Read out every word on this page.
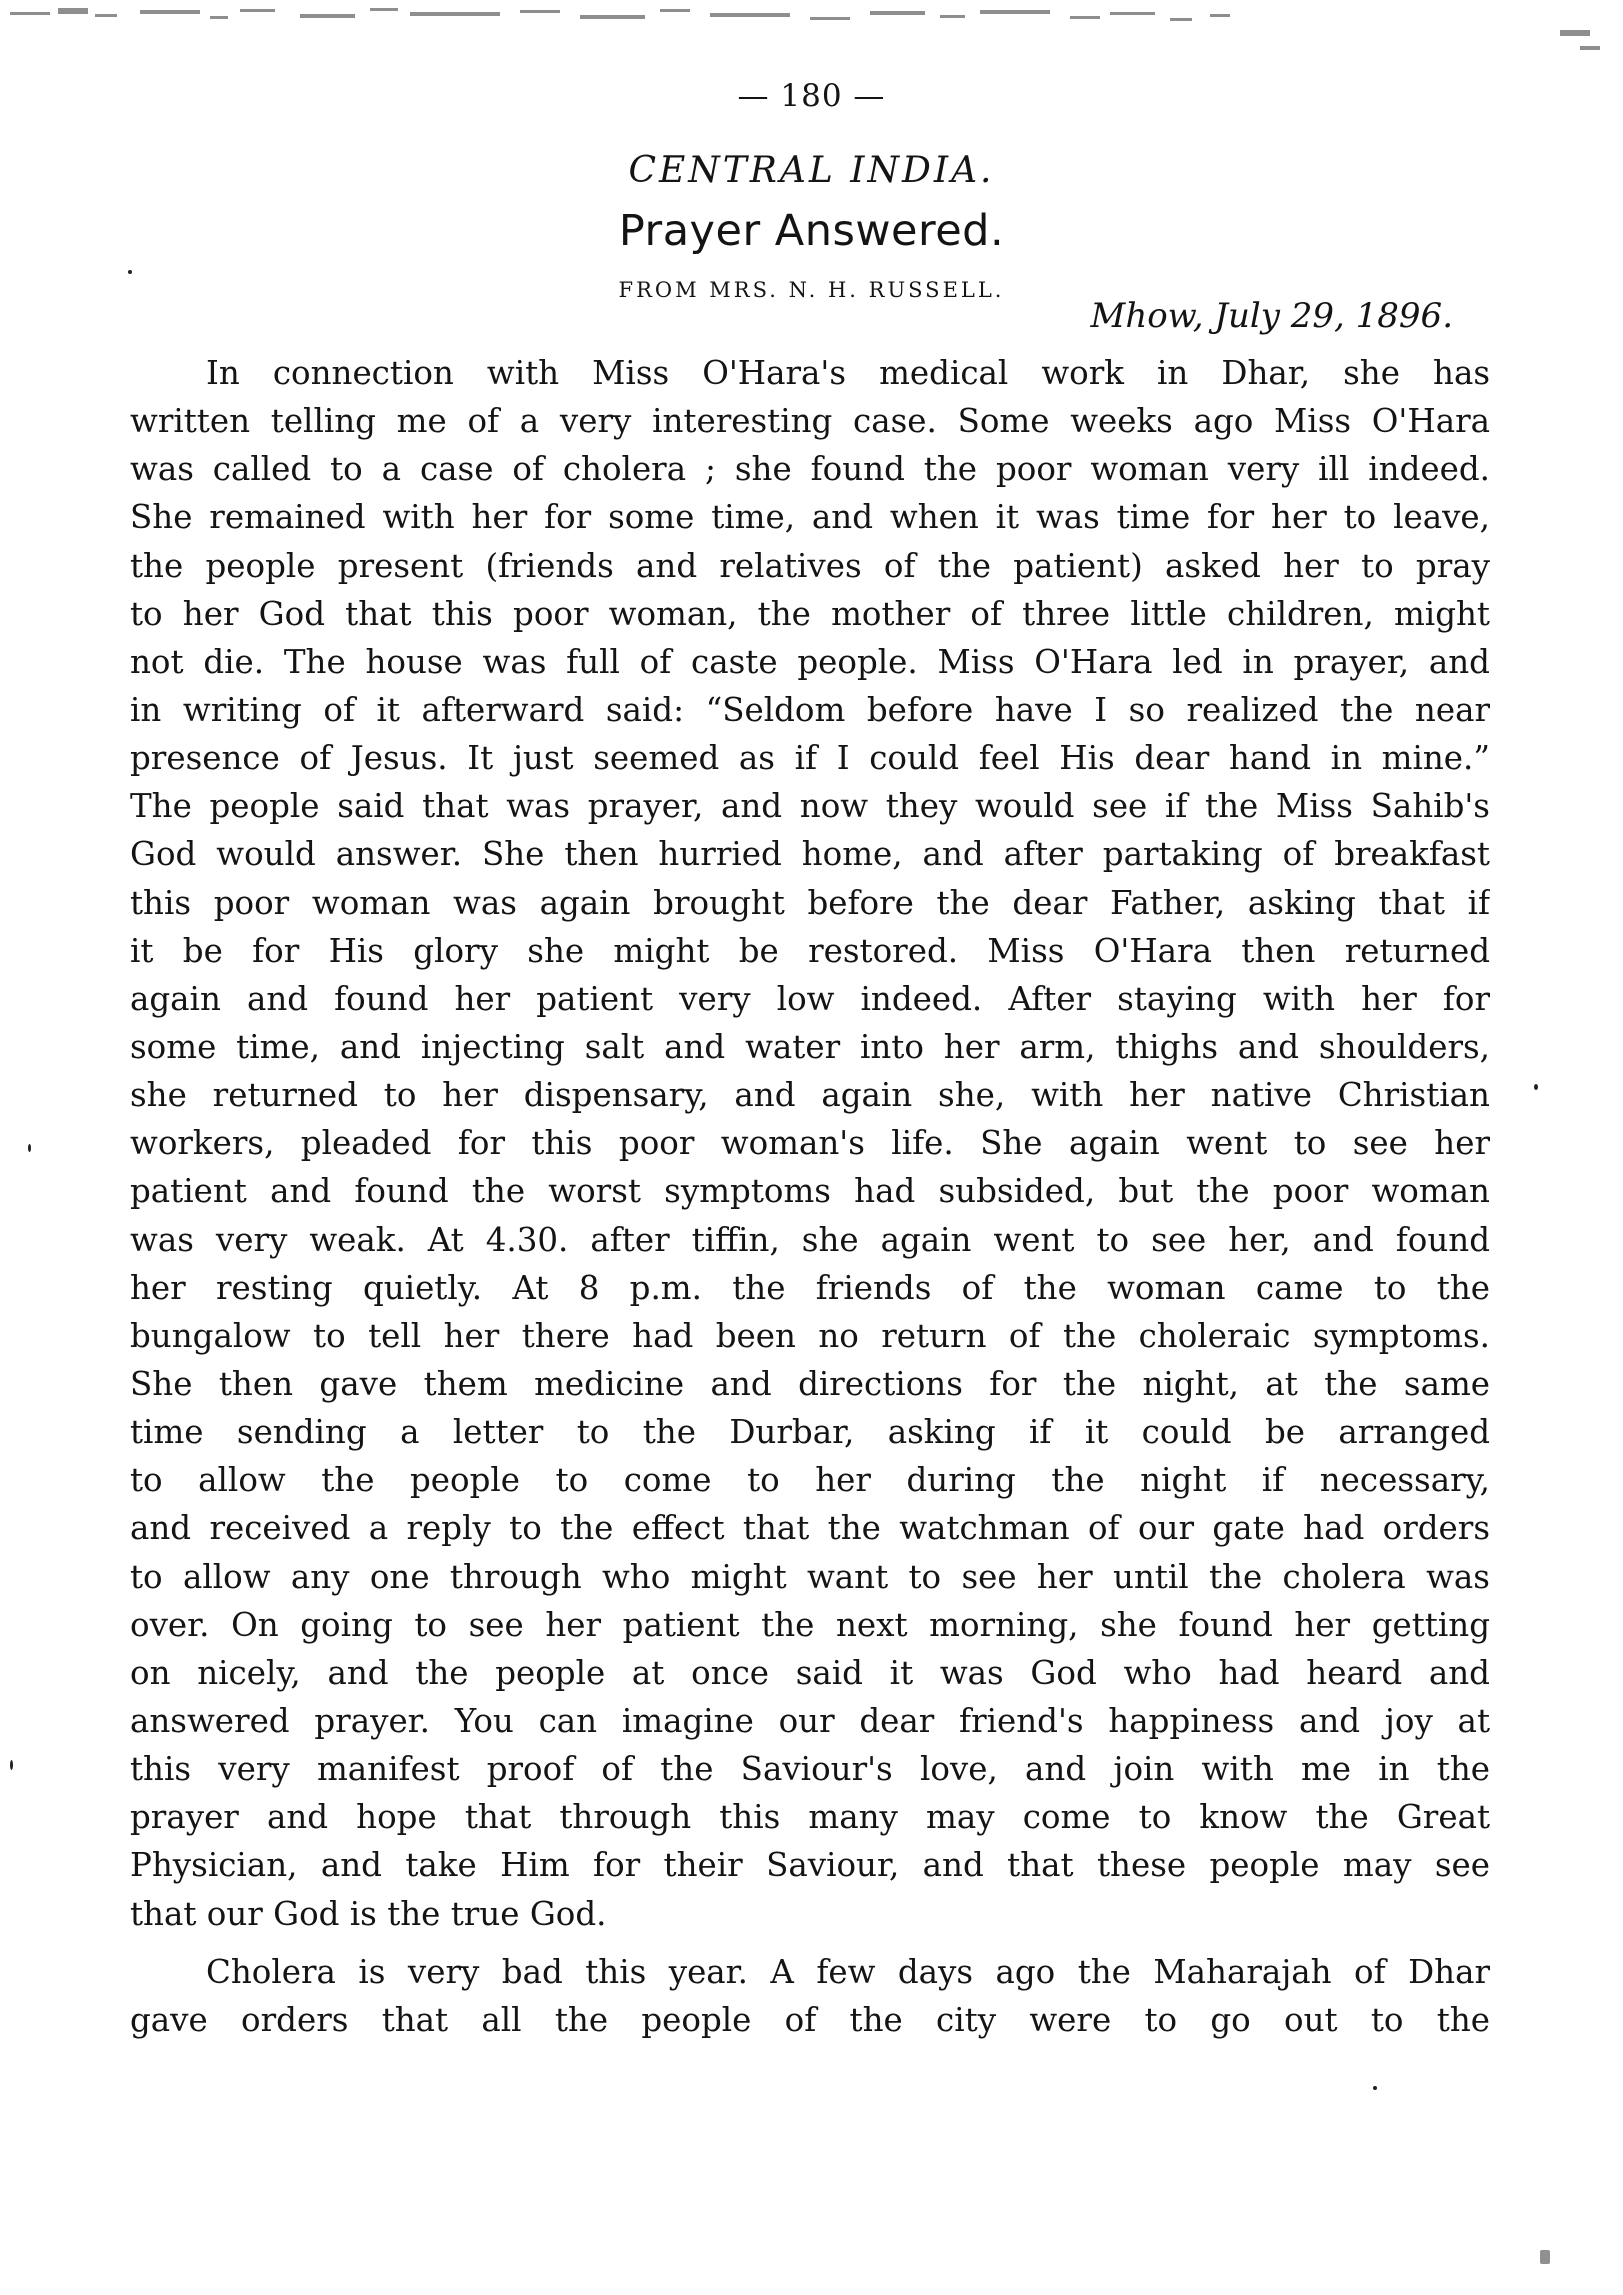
— 180 —
CENTRAL INDIA.
Prayer Answered.
FROM MRS. N. H. RUSSELL.
Mhow, July 29, 1896.
In connection with Miss O'Hara's medical work in Dhar, she has
written telling me of a very interesting case. Some weeks ago Miss O'Hara
was called to a case of cholera ; she found the poor woman very ill indeed.
She remained with her for some time, and when it was time for her to leave,
the people present (friends and relatives of the patient) asked her to pray
to her God that this poor woman, the mother of three little children, might
not die. The house was full of caste people. Miss O'Hara led in prayer, and
in writing of it afterward said: “Seldom before have I so realized the near
presence of Jesus. It just seemed as if I could feel His dear hand in mine.”
The people said that was prayer, and now they would see if the Miss Sahib's
God would answer. She then hurried home, and after partaking of breakfast
this poor woman was again brought before the dear Father, asking that if
it be for His glory she might be restored. Miss O'Hara then returned
again and found her patient very low indeed. After staying with her for
some time, and injecting salt and water into her arm, thighs and shoulders,
she returned to her dispensary, and again she, with her native Christian
workers, pleaded for this poor woman's life. She again went to see her
patient and found the worst symptoms had subsided, but the poor woman
was very weak. At 4.30. after tiffin, she again went to see her, and found
her resting quietly. At 8 p.m. the friends of the woman came to the
bungalow to tell her there had been no return of the choleraic symptoms.
She then gave them medicine and directions for the night, at the same
time sending a letter to the Durbar, asking if it could be arranged
to allow the people to come to her during the night if necessary,
and received a reply to the effect that the watchman of our gate had orders
to allow any one through who might want to see her until the cholera was
over. On going to see her patient the next morning, she found her getting
on nicely, and the people at once said it was God who had heard and
answered prayer. You can imagine our dear friend's happiness and joy at
this very manifest proof of the Saviour's love, and join with me in the
prayer and hope that through this many may come to know the Great
Physician, and take Him for their Saviour, and that these people may see
that our God is the true God.
Cholera is very bad this year. A few days ago the Maharajah of Dhar
gave orders that all the people of the city were to go out to the
